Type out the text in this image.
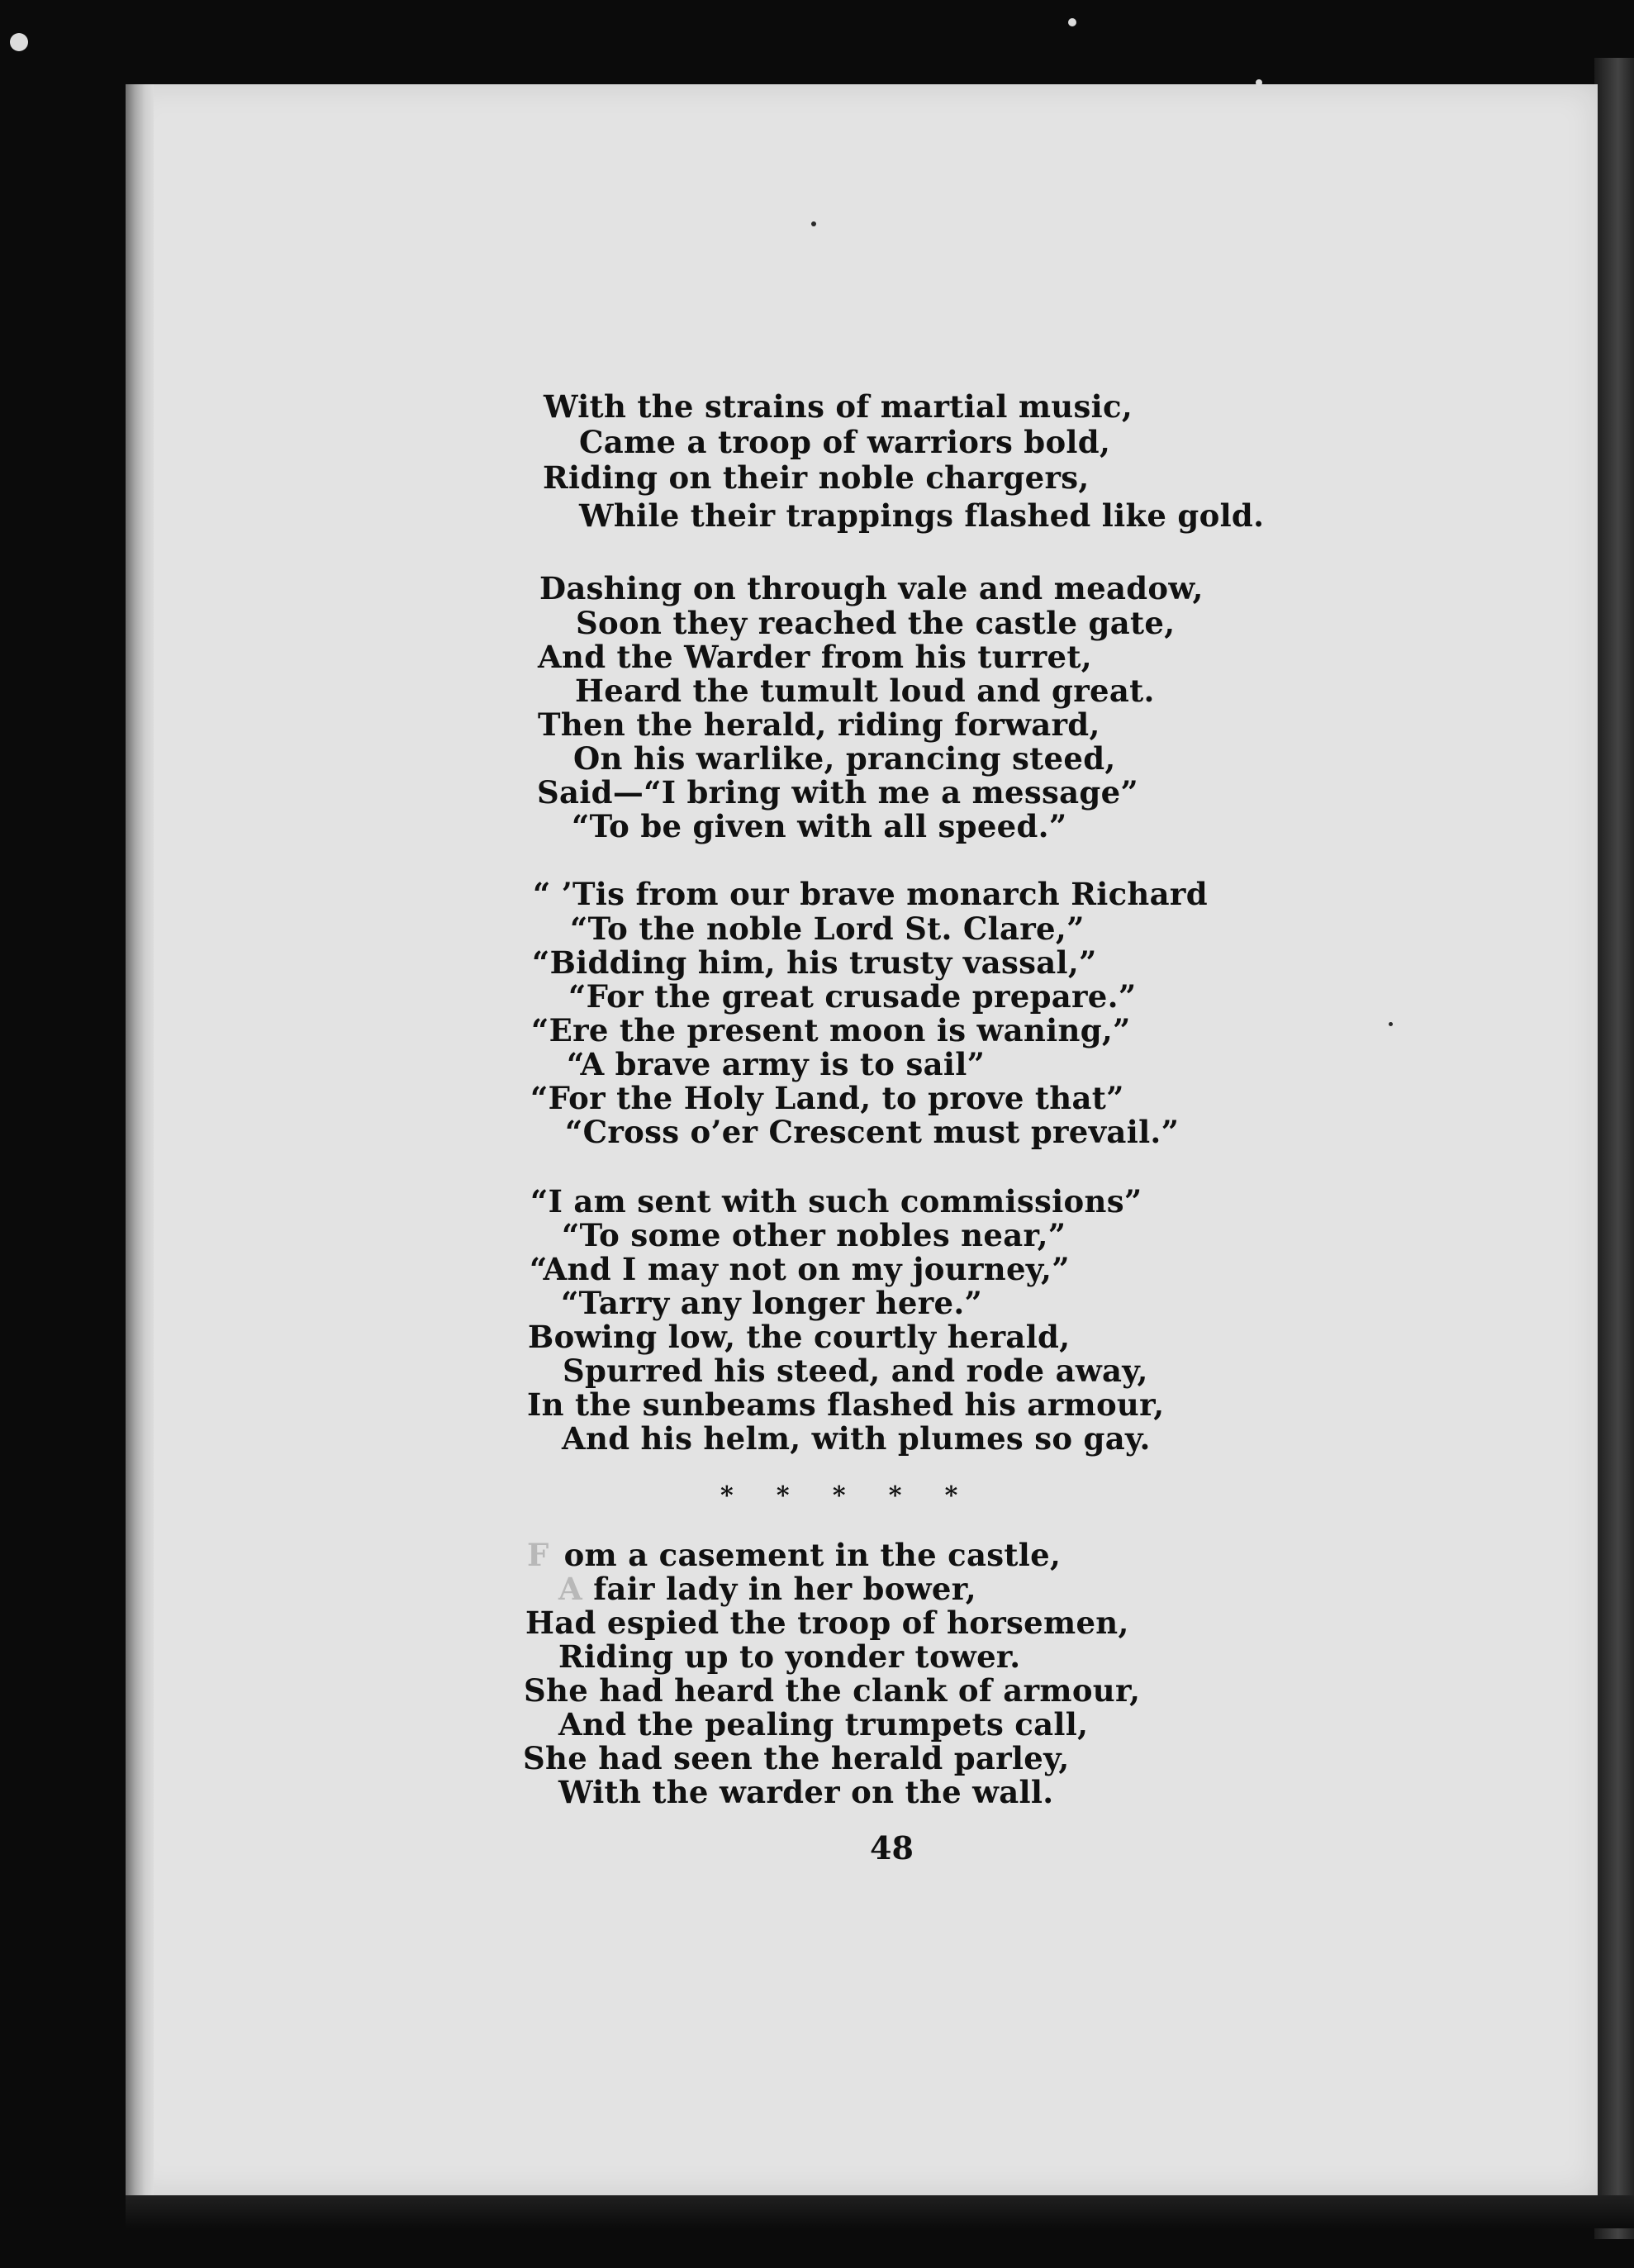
With the strains of martial music,
Came a troop of warriors bold,
Riding on their noble chargers,
While their trappings flashed like gold.
Dashing on through vale and meadow,
Soon they reached the castle gate,
And the Warder from his turret,
Heard the tumult loud and great.
Then the herald, riding forward,
On his warlike, prancing steed,
Said—“I bring with me a message”
“To be given with all speed.”
“ ’Tis from our brave monarch Richard
“To the noble Lord St. Clare,”
“Bidding him, his trusty vassal,”
“For the great crusade prepare.”
“Ere the present moon is waning,”
“A brave army is to sail”
“For the Holy Land, to prove that”
“Cross o’er Crescent must prevail.”
“I am sent with such commissions”
“To some other nobles near,”
“And I may not on my journey,”
“Tarry any longer here.”
Bowing low, the courtly herald,
Spurred his steed, and rode away,
In the sunbeams flashed his armour,
And his helm, with plumes so gay.
*     *     *     *     *
F om a casement in the castle,
A fair lady in her bower,
Had espied the troop of horsemen,
Riding up to yonder tower.
She had heard the clank of armour,
And the pealing trumpets call,
She had seen the herald parley,
With the warder on the wall.
48
